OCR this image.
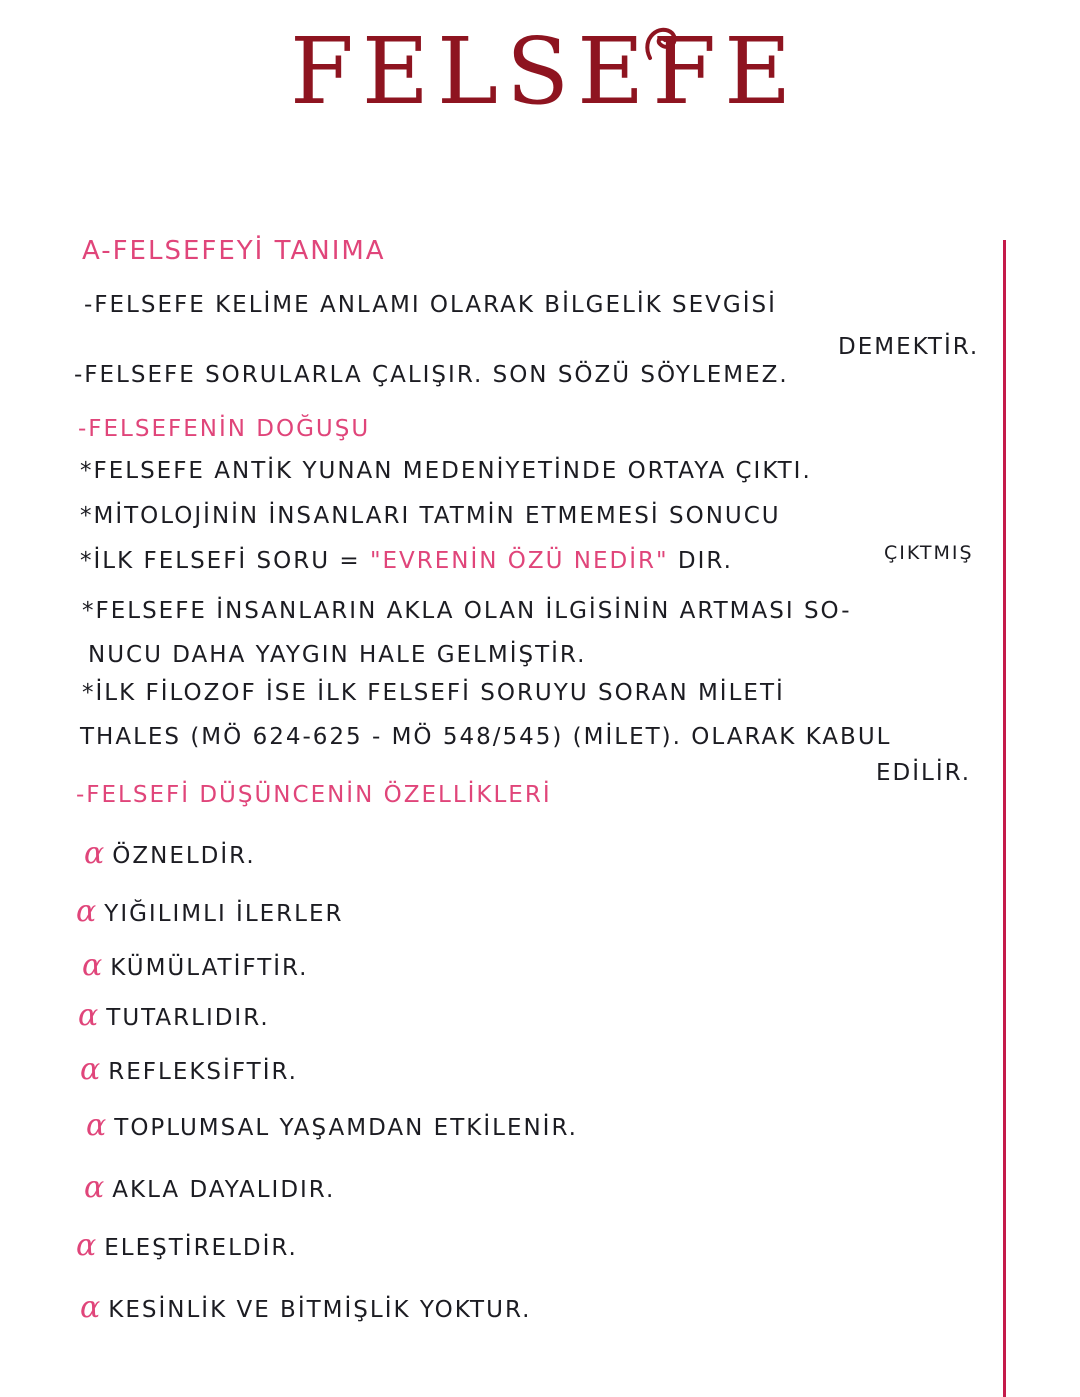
FELSEFE
A-FELSEFEYİ TANIMA
-FELSEFE KELİME ANLAMI OLARAK BİLGELİK SEVGİSİ
DEMEKTİR.
-FELSEFE SORULARLA ÇALIŞIR. SON SÖZÜ SÖYLEMEZ.
-FELSEFENİN DOĞUŞU
*FELSEFE ANTİK YUNAN MEDENİYETİNDE ORTAYA ÇIKTI.
*MİTOLOJİNİN İNSANLARI TATMİN ETMEMESİ SONUCU
*İLK FELSEFİ SORU = "EVRENİN ÖZÜ NEDİR" DIR.	ÇIKTMIŞ
*FELSEFE İNSANLARIN AKLA OLAN İLGİSİNİN ARTMASI SO-
NUCU DAHA YAYGIN HALE GELMİŞTİR.
*İLK FİLOZOF İSE İLK FELSEFİ SORUYU SORAN MİLETİ
THALES (MÖ 624-625 - MÖ 548/545) (MİLET). OLARAK KABUL
EDİLİR.
-FELSEFİ DÜŞÜNCENİN ÖZELLİKLERİ
α ÖZNELDİR.
α YIĞILIMLI İLERLER
α KÜMÜLATİFTİR.
α TUTARLIDIR.
α REFLEKSİFTİR.
α TOPLUMSAL YAŞAMDAN ETKİLENİR.
α AKLA DAYALIDIR.
α ELEŞTİRELDİR.
α KESİNLİK VE BİTMİŞLİK YOKTUR.
